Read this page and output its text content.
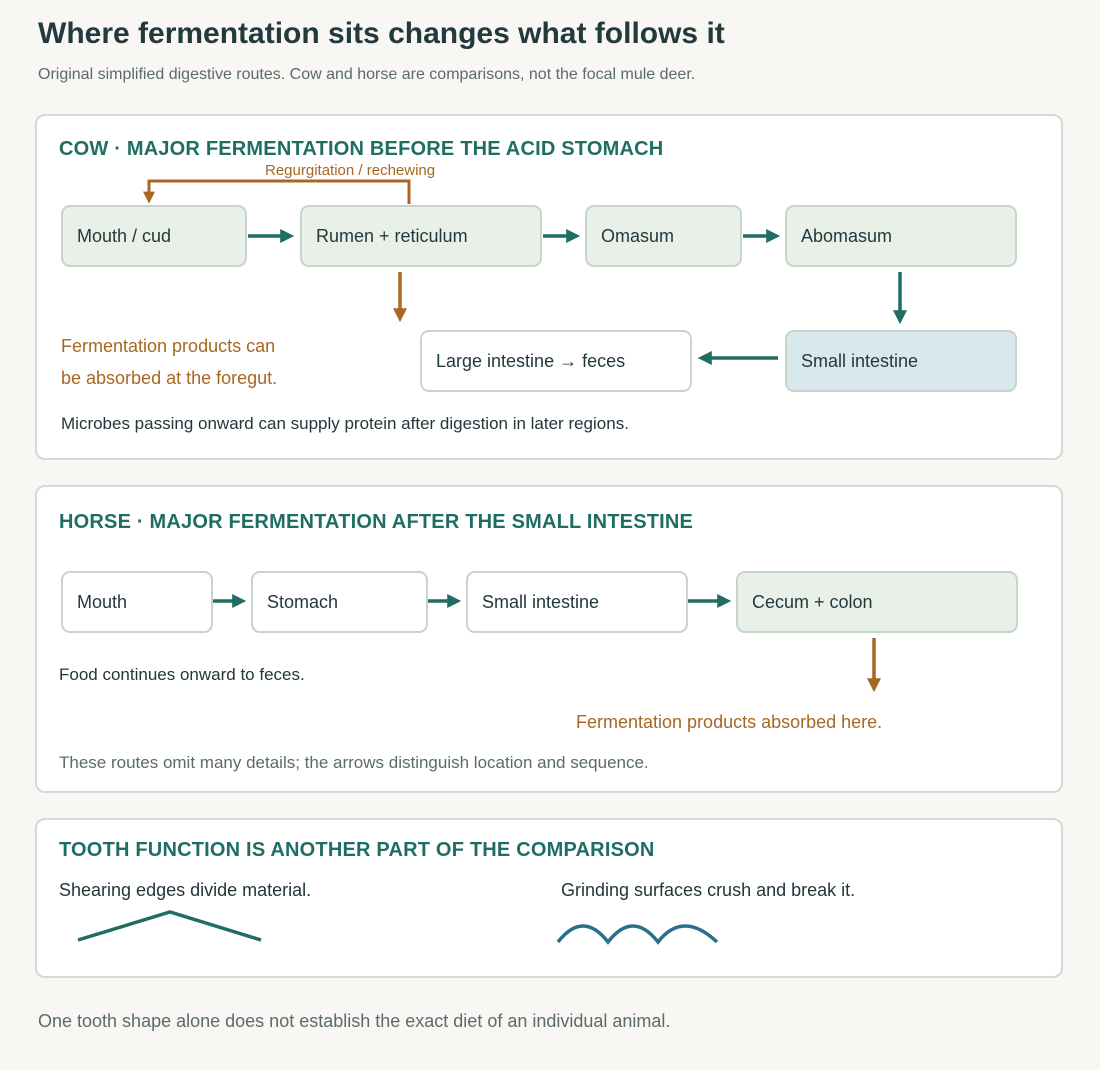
Where fermentation sits changes what follows it
Original simplified digestive routes. Cow and horse are comparisons, not the focal mule deer.
COW · MAJOR FERMENTATION BEFORE THE ACID STOMACH
Regurgitation / rechewing
Mouth / cud	Rumen + reticulum	Omasum	Abomasum
Small intestine
Large intestine → feces
Fermentation products can
be absorbed at the foregut.
Microbes passing onward can supply protein after digestion in later regions.
HORSE · MAJOR FERMENTATION AFTER THE SMALL INTESTINE
Mouth	Stomach	Small intestine	Cecum + colon
Food continues onward to feces.
Fermentation products absorbed here.
These routes omit many details; the arrows distinguish location and sequence.
TOOTH FUNCTION IS ANOTHER PART OF THE COMPARISON
Shearing edges divide material.	Grinding surfaces crush and break it.
One tooth shape alone does not establish the exact diet of an individual animal.
